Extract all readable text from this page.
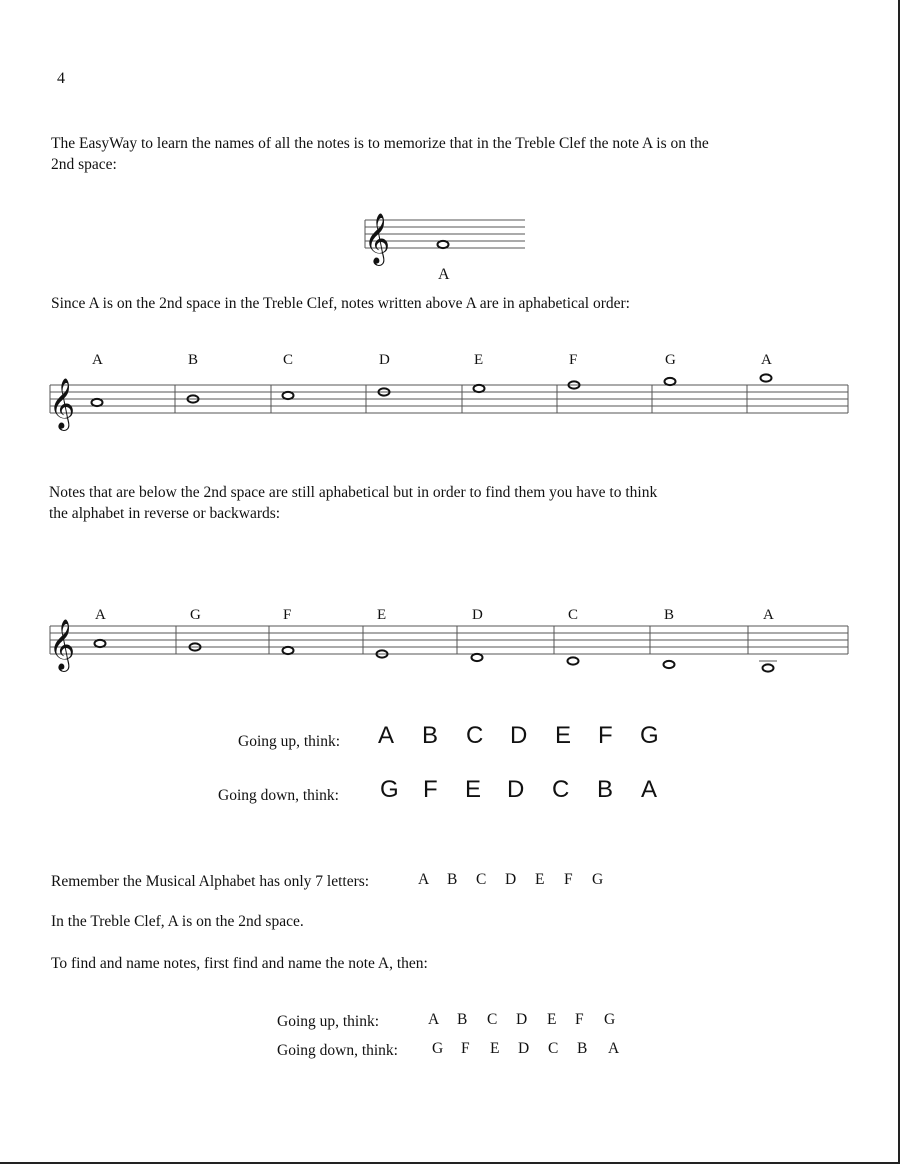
4
The EasyWay to learn the names of all the notes is to memorize that in the Treble Clef the note A is on the
2nd space:
𝄞
A
Since A is on the 2nd space in the Treble Clef, notes written above A are in aphabetical order:
𝄞
A	B	C	D	E	F	G	A
Notes that are below the 2nd space are still aphabetical but in order to find them you have to think
the alphabet in reverse or backwards:
𝄞
A	G	F	E	D	C	B	A
Going up, think: A B C D E F G
Going down, think: G F E D C B A
Remember the Musical Alphabet has only 7 letters:	A B C D E F G
In the Treble Clef, A is on the 2nd space.
To find and name notes, first find and name the note A, then:
Going up, think:	A B C D E F G
Going down, think: G F E D C B A
